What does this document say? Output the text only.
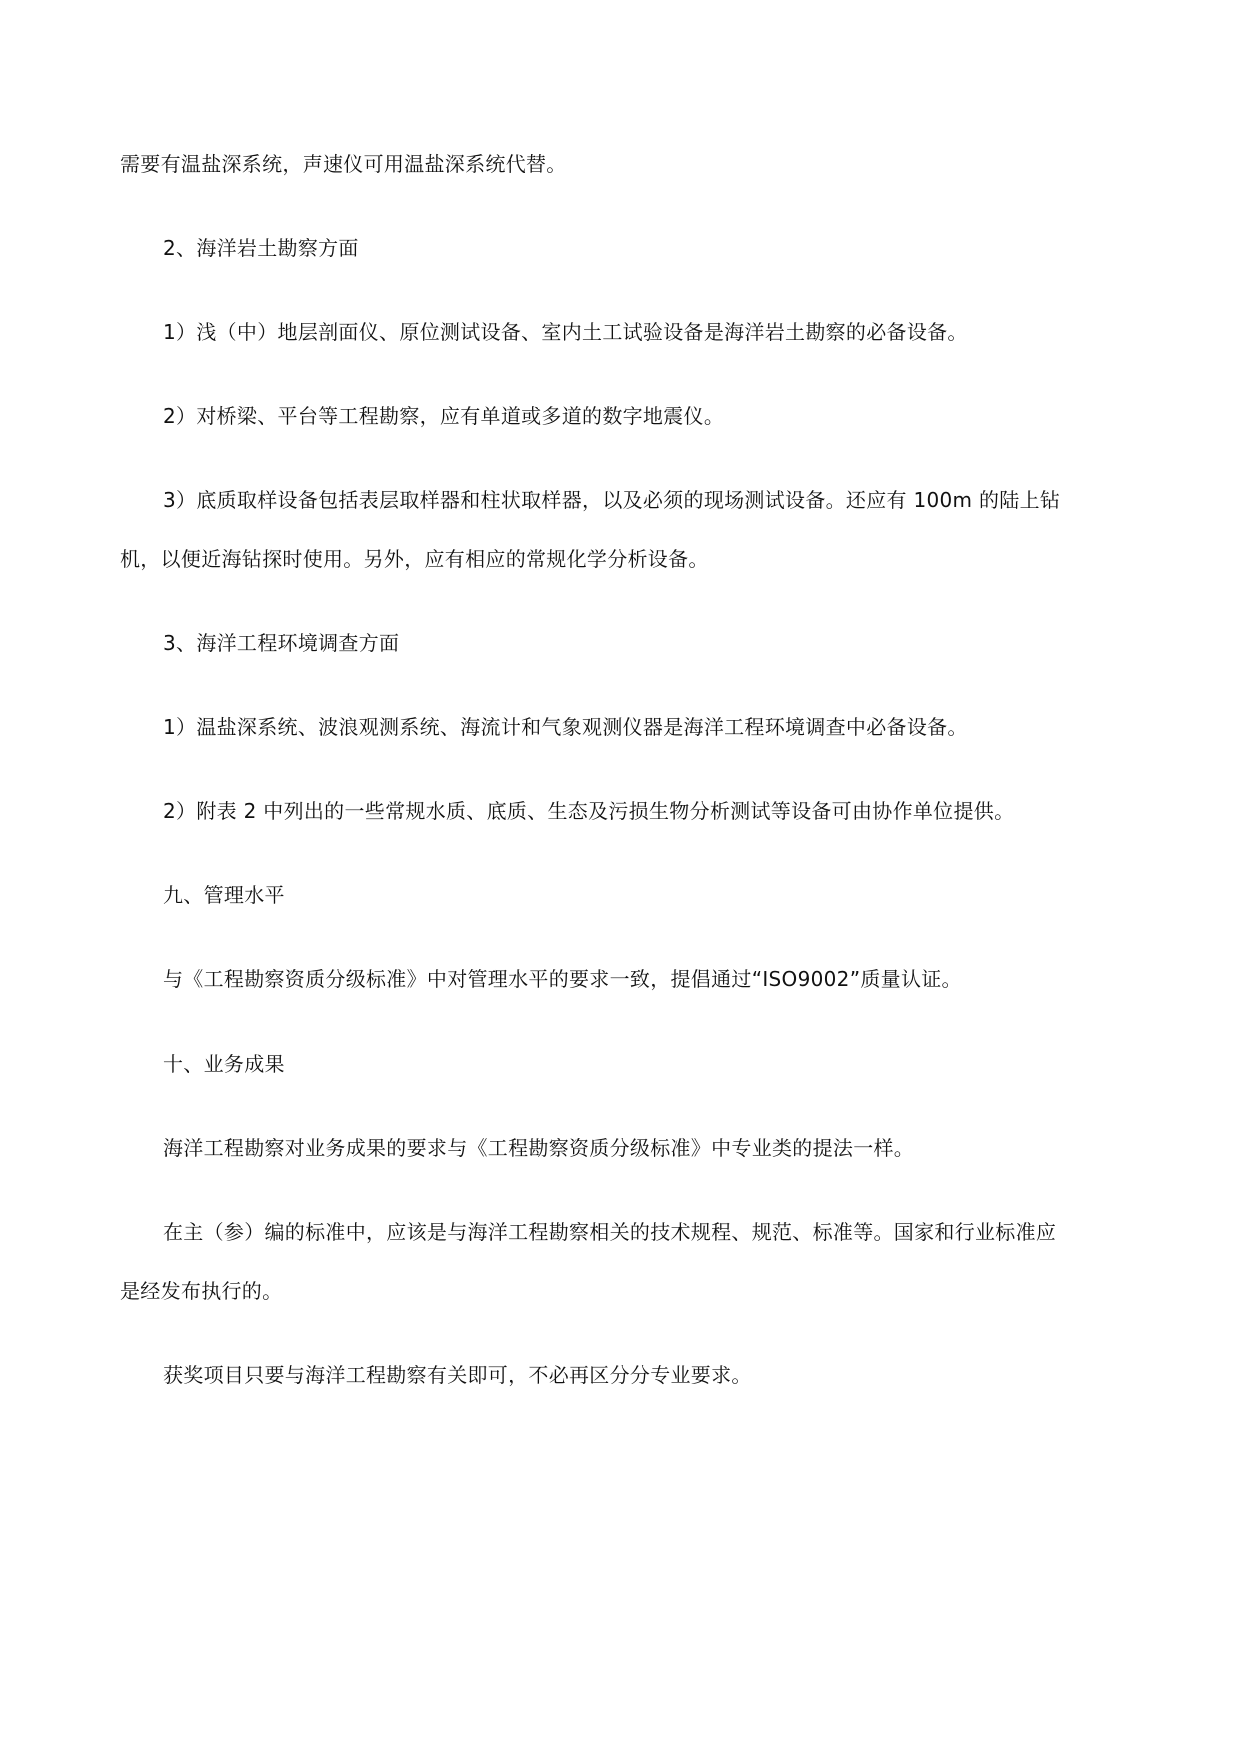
需要有温盐深系统，声速仪可用温盐深系统代替。
2、海洋岩土勘察方面
1）浅（中）地层剖面仪、原位测试设备、室内土工试验设备是海洋岩土勘察的必备设备。
2）对桥梁、平台等工程勘察，应有单道或多道的数字地震仪。
3）底质取样设备包括表层取样器和柱状取样器，以及必须的现场测试设备。还应有 100m 的陆上钻
机，以便近海钻探时使用。另外，应有相应的常规化学分析设备。
3、海洋工程环境调查方面
1）温盐深系统、波浪观测系统、海流计和气象观测仪器是海洋工程环境调查中必备设备。
2）附表 2 中列出的一些常规水质、底质、生态及污损生物分析测试等设备可由协作单位提供。
九、管理水平
与《工程勘察资质分级标准》中对管理水平的要求一致，提倡通过“ISO9002”质量认证。
十、业务成果
海洋工程勘察对业务成果的要求与《工程勘察资质分级标准》中专业类的提法一样。
在主（参）编的标准中，应该是与海洋工程勘察相关的技术规程、规范、标准等。国家和行业标准应
是经发布执行的。
获奖项目只要与海洋工程勘察有关即可，不必再区分分专业要求。
